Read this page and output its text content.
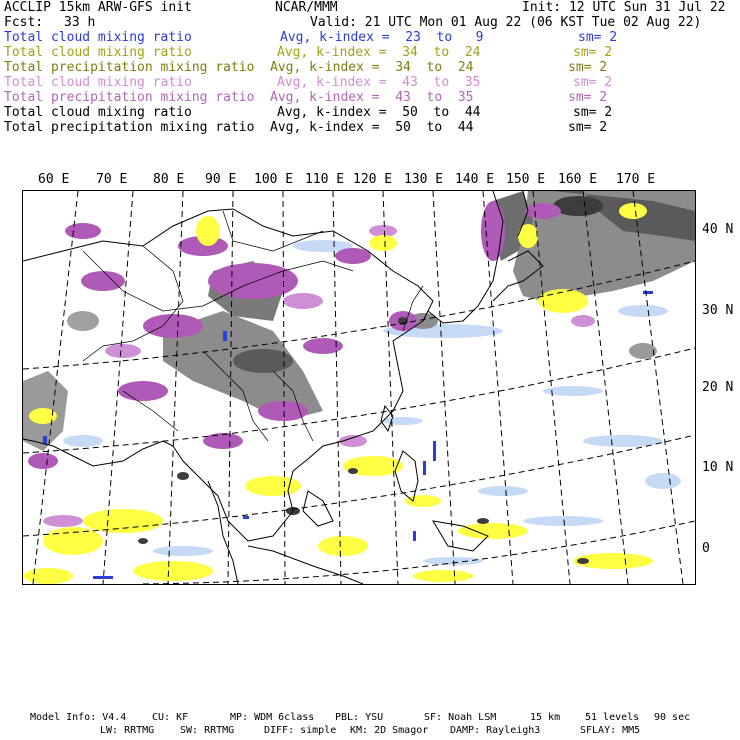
ACCLIP 15km ARW-GFS init	NCAR/MMM	Init: 12 UTC Sun 31 Jul 22
Fcst: 33 h	Valid: 21 UTC Mon 01 Aug 22 (06 KST Tue 02 Aug 22)
Total cloud mixing ratio	Avg, k-index =  23  to   9	sm= 2
Total cloud mixing ratio	Avg, k-index =  34  to  24	sm= 2
Total precipitation mixing ratio Avg, k-index =  34  to  24	sm= 2
Total cloud mixing ratio	Avg, k-index =  43  to  35	sm= 2
Total precipitation mixing ratio Avg, k-index =  43  to  35	sm= 2
Total cloud mixing ratio	Avg, k-index =  50  to  44	sm= 2
Total precipitation mixing ratio Avg, k-index =  50  to  44	sm= 2
60 E 70 E 80 E 90 E 100 E 110 E 120 E 130 E 140 E 150 E 160 E 170 E
40 N
30 N
20 N
10 N
0
Model Info: V4.4	CU: KF	MP: WDM 6class PBL: YSU	SF: Noah LSM	15 km 51 levels 90 sec
LW: RRTMG	SW: RRTMG	DIFF: simple KM: 2D Smagor DAMP: Rayleigh3	SFLAY: MM5
